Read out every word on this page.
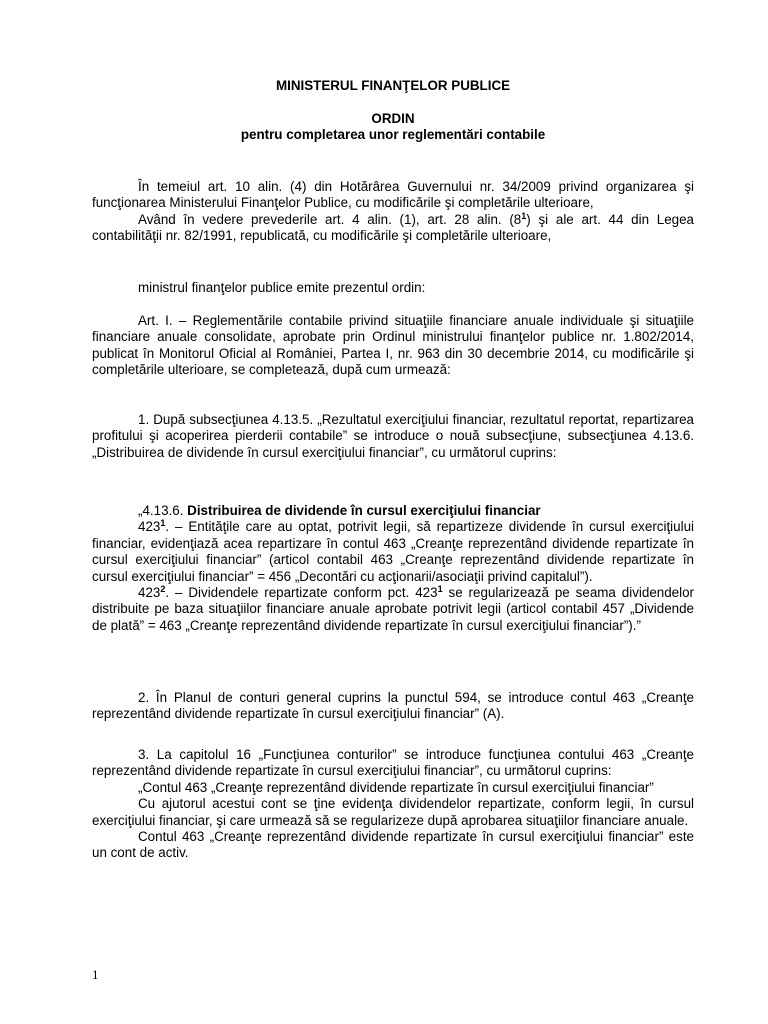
MINISTERUL FINANŢELOR PUBLICE
ORDIN
pentru completarea unor reglementări contabile

În temeiul art. 10 alin. (4) din Hotărârea Guvernului nr. 34/2009 privind organizarea şi funcţionarea Ministerului Finanţelor Publice, cu modificările şi completările ulterioare,

Având în vedere prevederile art. 4 alin. (1), art. 28 alin. $(8^1)$ şi ale art. 44 din Legea contabilităţii nr. 82/1991, republicată, cu modificările şi completările ulterioare,

ministrul finanţelor publice emite prezentul ordin:

Art. I. – Reglementările contabile privind situaţiile financiare anuale individuale şi situaţiile financiare anuale consolidate, aprobate prin Ordinul ministrului finanţelor publice nr. 1.802/2014, publicat în Monitorul Oficial al României, Partea I, nr. 963 din 30 decembrie 2014, cu modificările şi completările ulterioare, se completează, după cum urmează:

1. După subsecţiunea 4.13.5. „Rezultatul exerciţiului financiar, rezultatul reportat, repartizarea profitului şi acoperirea pierderii contabile” se introduce o nouă subsecţiune, subsecţiunea 4.13.6. „Distribuirea de dividende în cursul exerciţiului financiar”, cu următorul cuprins:

„4.13.6. Distribuirea de dividende în cursul exerciţiului financiar

$423^1$. – Entităţile care au optat, potrivit legii, să repartizeze dividende în cursul exerciţiului financiar, evidenţiază acea repartizare în contul 463 „Creanţe reprezentând dividende repartizate în cursul exerciţiului financiar” (articol contabil 463 „Creanţe reprezentând dividende repartizate în cursul exerciţiului financiar” = 456 „Decontări cu acţionarii/asociaţii privind capitalul”).

$423^2$. – Dividendele repartizate conform pct. $423^1$ se regularizează pe seama dividendelor distribuite pe baza situaţiilor financiare anuale aprobate potrivit legii (articol contabil 457 „Dividende de plată” = 463 „Creanţe reprezentând dividende repartizate în cursul exerciţiului financiar”).”

2. În Planul de conturi general cuprins la punctul 594, se introduce contul 463 „Creanţe reprezentând dividende repartizate în cursul exerciţiului financiar” (A).

3. La capitolul 16 „Funcţiunea conturilor” se introduce funcţiunea contului 463 „Creanţe reprezentând dividende repartizate în cursul exerciţiului financiar”, cu următorul cuprins:

„Contul 463 „Creanţe reprezentând dividende repartizate în cursul exerciţiului financiar”

Cu ajutorul acestui cont se ţine evidenţa dividendelor repartizate, conform legii, în cursul exerciţiului financiar, şi care urmează să se regularizeze după aprobarea situaţiilor financiare anuale.

Contul 463 „Creanţe reprezentând dividende repartizate în cursul exerciţiului financiar” este un cont de activ.

1
